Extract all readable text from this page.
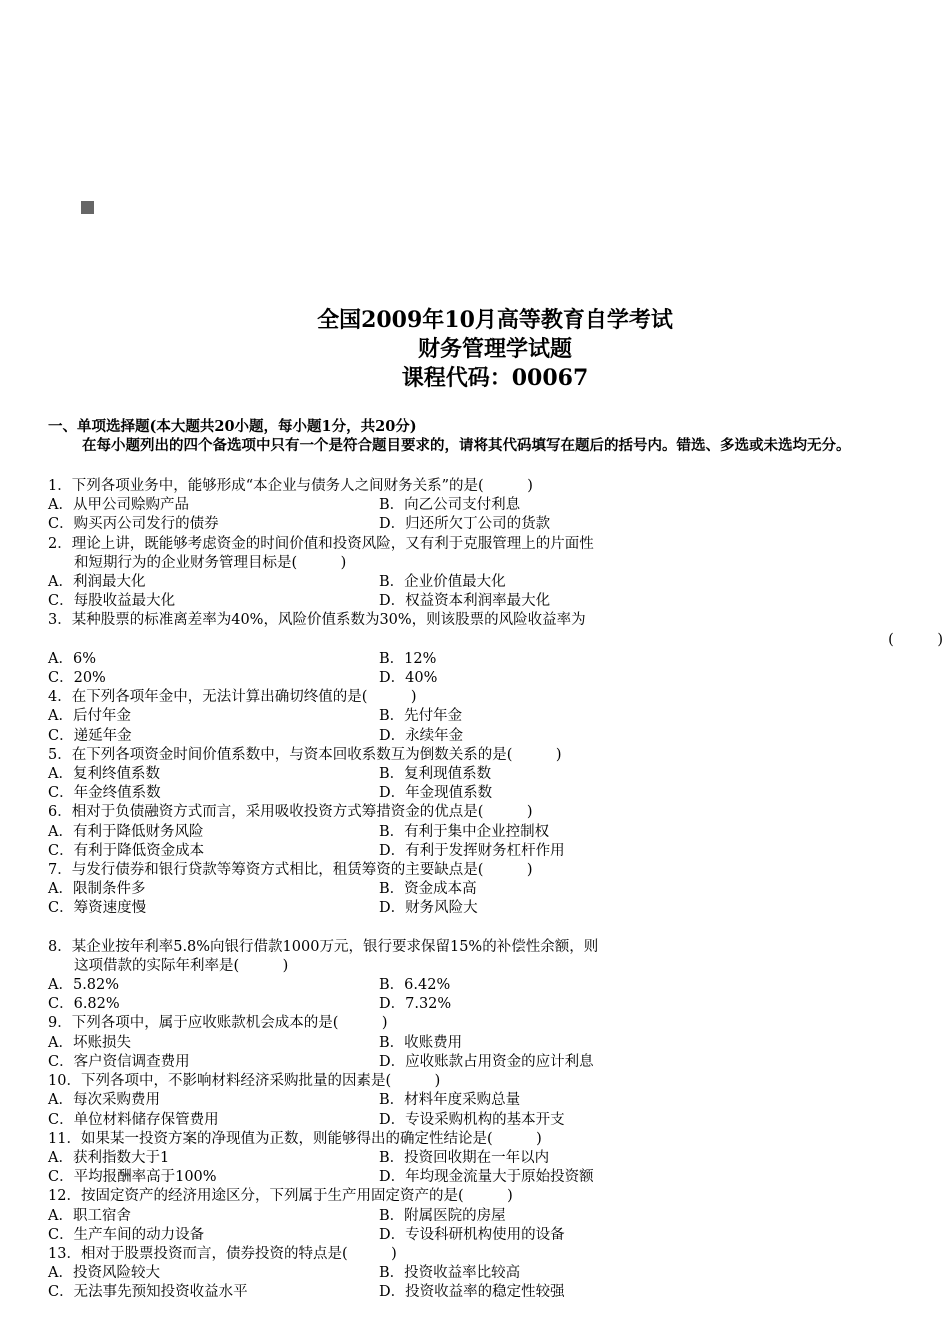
全国2009年10月高等教育自学考试
财务管理学试题
课程代码：00067
一、单项选择题(本大题共20小题，每小题1分，共20分)
在每小题列出的四个备选项中只有一个是符合题目要求的，请将其代码填写在题后的括号内。错选、多选或未选均无分。
1．下列各项业务中，能够形成“本企业与债务人之间财务关系”的是(　　　)
A．从甲公司赊购产品	B．向乙公司支付利息
C．购买丙公司发行的债券	D．归还所欠丁公司的货款
2．理论上讲，既能够考虑资金的时间价值和投资风险，又有利于克服管理上的片面性
和短期行为的企业财务管理目标是(　　　)
A．利润最大化	B．企业价值最大化
C．每股收益最大化	D．权益资本利润率最大化
3．某种股票的标准离差率为40%，风险价值系数为30%，则该股票的风险收益率为
(　　　)
A．6%	B．12%
C．20%	D．40%
4．在下列各项年金中，无法计算出确切终值的是(　　　)
A．后付年金	B．先付年金
C．递延年金	D．永续年金
5．在下列各项资金时间价值系数中，与资本回收系数互为倒数关系的是(　　　)
A．复利终值系数	B．复利现值系数
C．年金终值系数	D．年金现值系数
6．相对于负债融资方式而言，采用吸收投资方式筹措资金的优点是(　　　)
A．有利于降低财务风险	B．有利于集中企业控制权
C．有利于降低资金成本	D．有利于发挥财务杠杆作用
7．与发行债券和银行贷款等筹资方式相比，租赁筹资的主要缺点是(　　　)
A．限制条件多	B．资金成本高
C．筹资速度慢	D．财务风险大
8．某企业按年利率5.8%向银行借款1000万元，银行要求保留15%的补偿性余额，则
这项借款的实际年利率是(　　　)
A．5.82%	B．6.42%
C．6.82%	D．7.32%
9．下列各项中，属于应收账款机会成本的是(　　　)
A．坏账损失	B．收账费用
C．客户资信调查费用	D．应收账款占用资金的应计利息
10．下列各项中，不影响材料经济采购批量的因素是(　　　)
A．每次采购费用	B．材料年度采购总量
C．单位材料储存保管费用	D．专设采购机构的基本开支
11．如果某一投资方案的净现值为正数，则能够得出的确定性结论是(　　　)
A．获利指数大于1	B．投资回收期在一年以内
C．平均报酬率高于100%	D．年均现金流量大于原始投资额
12．按固定资产的经济用途区分，下列属于生产用固定资产的是(　　　)
A．职工宿舍	B．附属医院的房屋
C．生产车间的动力设备	D．专设科研机构使用的设备
13．相对于股票投资而言，债券投资的特点是(　　　)
A．投资风险较大	B．投资收益率比较高
C．无法事先预知投资收益水平	D．投资收益率的稳定性较强
